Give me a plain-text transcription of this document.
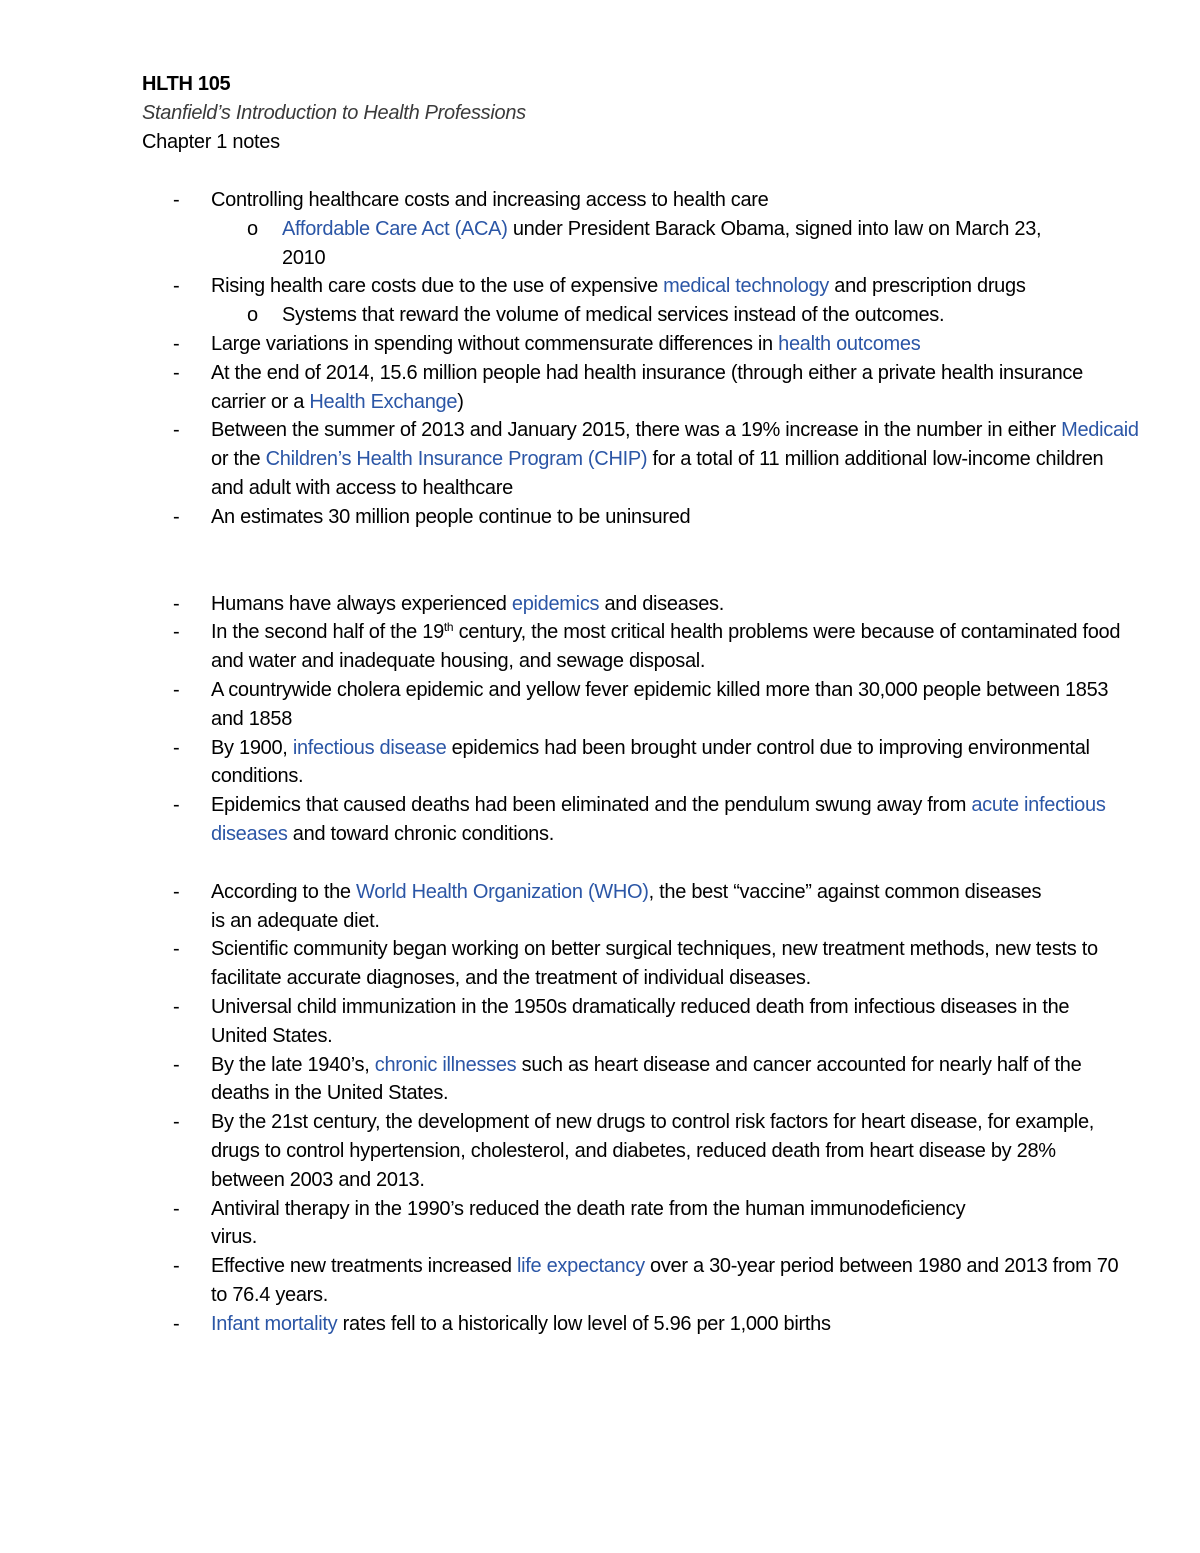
HLTH 105
Stanfield’s Introduction to Health Professions
Chapter 1 notes
- Controlling healthcare costs and increasing access to health care
o Affordable Care Act (ACA) under President Barack Obama, signed into law on March 23, 2010
- Rising health care costs due to the use of expensive medical technology and prescription drugs
o Systems that reward the volume of medical services instead of the outcomes.
- Large variations in spending without commensurate differences in health outcomes
- At the end of 2014, 15.6 million people had health insurance (through either a private health insurance carrier or a Health Exchange)
- Between the summer of 2013 and January 2015, there was a 19% increase in the number in either Medicaid or the Children’s Health Insurance Program (CHIP) for a total of 11 million additional low-income children and adult with access to healthcare
- An estimates 30 million people continue to be uninsured
- Humans have always experienced epidemics and diseases.
- In the second half of the 19th century, the most critical health problems were because of contaminated food and water and inadequate housing, and sewage disposal.
- A countrywide cholera epidemic and yellow fever epidemic killed more than 30,000 people between 1853 and 1858
- By 1900, infectious disease epidemics had been brought under control due to improving environmental conditions.
- Epidemics that caused deaths had been eliminated and the pendulum swung away from acute infectious diseases and toward chronic conditions.
- According to the World Health Organization (WHO), the best “vaccine” against common diseases is an adequate diet.
- Scientific community began working on better surgical techniques, new treatment methods, new tests to facilitate accurate diagnoses, and the treatment of individual diseases.
- Universal child immunization in the 1950s dramatically reduced death from infectious diseases in the United States.
- By the late 1940’s, chronic illnesses such as heart disease and cancer accounted for nearly half of the deaths in the United States.
- By the 21st century, the development of new drugs to control risk factors for heart disease, for example, drugs to control hypertension, cholesterol, and diabetes, reduced death from heart disease by 28% between 2003 and 2013.
- Antiviral therapy in the 1990’s reduced the death rate from the human immunodeficiency virus.
- Effective new treatments increased life expectancy over a 30-year period between 1980 and 2013 from 70 to 76.4 years.
- Infant mortality rates fell to a historically low level of 5.96 per 1,000 births
